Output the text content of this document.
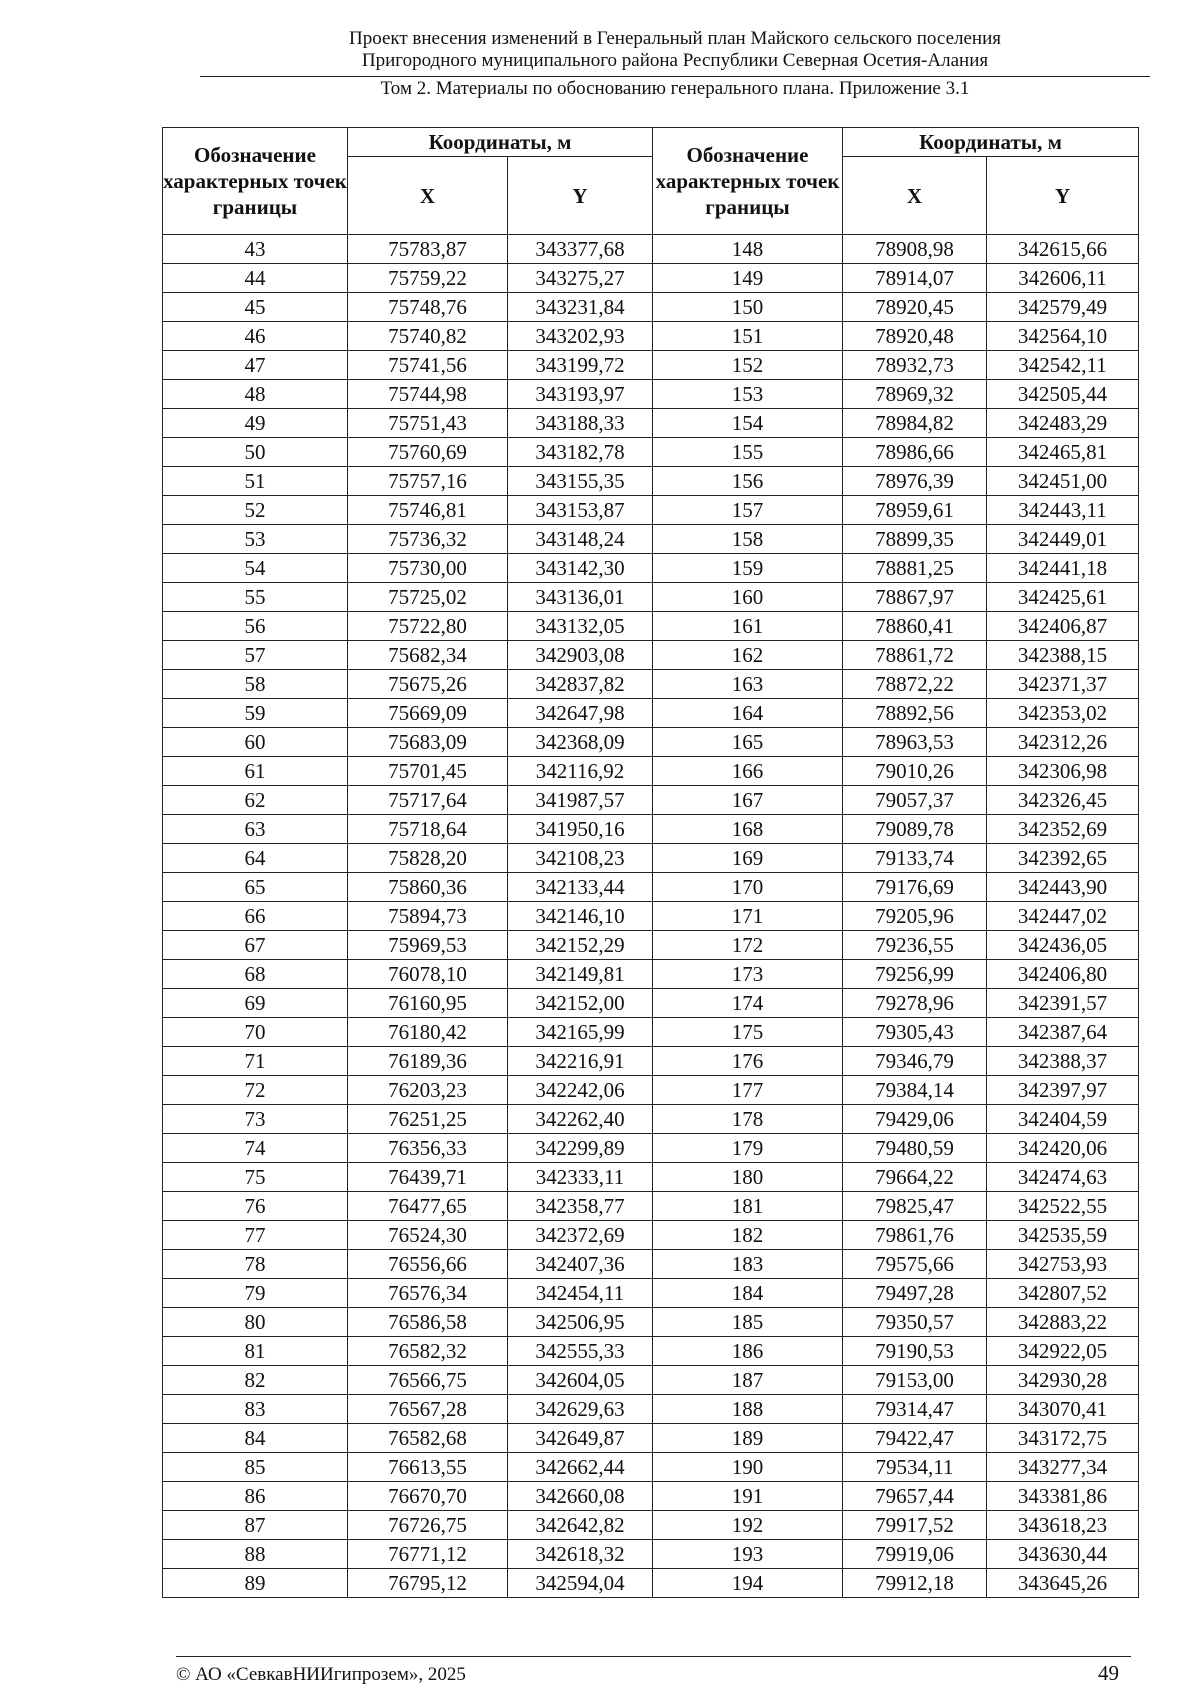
Проект внесения изменений в Генеральный план Майского сельского поселения
Пригородного муниципального района Республики Северная Осетия-Алания
Том 2. Материалы по обоснованию генерального плана. Приложение 3.1
Обозначение характерных точек границы	Координаты, м		Обозначение характерных точек границы	Координаты, м	
	X	Y		X	Y
43	75783,87	343377,68	148	78908,98	342615,66
44	75759,22	343275,27	149	78914,07	342606,11
45	75748,76	343231,84	150	78920,45	342579,49
46	75740,82	343202,93	151	78920,48	342564,10
47	75741,56	343199,72	152	78932,73	342542,11
48	75744,98	343193,97	153	78969,32	342505,44
49	75751,43	343188,33	154	78984,82	342483,29
50	75760,69	343182,78	155	78986,66	342465,81
51	75757,16	343155,35	156	78976,39	342451,00
52	75746,81	343153,87	157	78959,61	342443,11
53	75736,32	343148,24	158	78899,35	342449,01
54	75730,00	343142,30	159	78881,25	342441,18
55	75725,02	343136,01	160	78867,97	342425,61
56	75722,80	343132,05	161	78860,41	342406,87
57	75682,34	342903,08	162	78861,72	342388,15
58	75675,26	342837,82	163	78872,22	342371,37
59	75669,09	342647,98	164	78892,56	342353,02
60	75683,09	342368,09	165	78963,53	342312,26
61	75701,45	342116,92	166	79010,26	342306,98
62	75717,64	341987,57	167	79057,37	342326,45
63	75718,64	341950,16	168	79089,78	342352,69
64	75828,20	342108,23	169	79133,74	342392,65
65	75860,36	342133,44	170	79176,69	342443,90
66	75894,73	342146,10	171	79205,96	342447,02
67	75969,53	342152,29	172	79236,55	342436,05
68	76078,10	342149,81	173	79256,99	342406,80
69	76160,95	342152,00	174	79278,96	342391,57
70	76180,42	342165,99	175	79305,43	342387,64
71	76189,36	342216,91	176	79346,79	342388,37
72	76203,23	342242,06	177	79384,14	342397,97
73	76251,25	342262,40	178	79429,06	342404,59
74	76356,33	342299,89	179	79480,59	342420,06
75	76439,71	342333,11	180	79664,22	342474,63
76	76477,65	342358,77	181	79825,47	342522,55
77	76524,30	342372,69	182	79861,76	342535,59
78	76556,66	342407,36	183	79575,66	342753,93
79	76576,34	342454,11	184	79497,28	342807,52
80	76586,58	342506,95	185	79350,57	342883,22
81	76582,32	342555,33	186	79190,53	342922,05
82	76566,75	342604,05	187	79153,00	342930,28
83	76567,28	342629,63	188	79314,47	343070,41
84	76582,68	342649,87	189	79422,47	343172,75
85	76613,55	342662,44	190	79534,11	343277,34
86	76670,70	342660,08	191	79657,44	343381,86
87	76726,75	342642,82	192	79917,52	343618,23
88	76771,12	342618,32	193	79919,06	343630,44
89	76795,12	342594,04	194	79912,18	343645,26
© АО «СевкавНИИгипрозем», 2025	49
